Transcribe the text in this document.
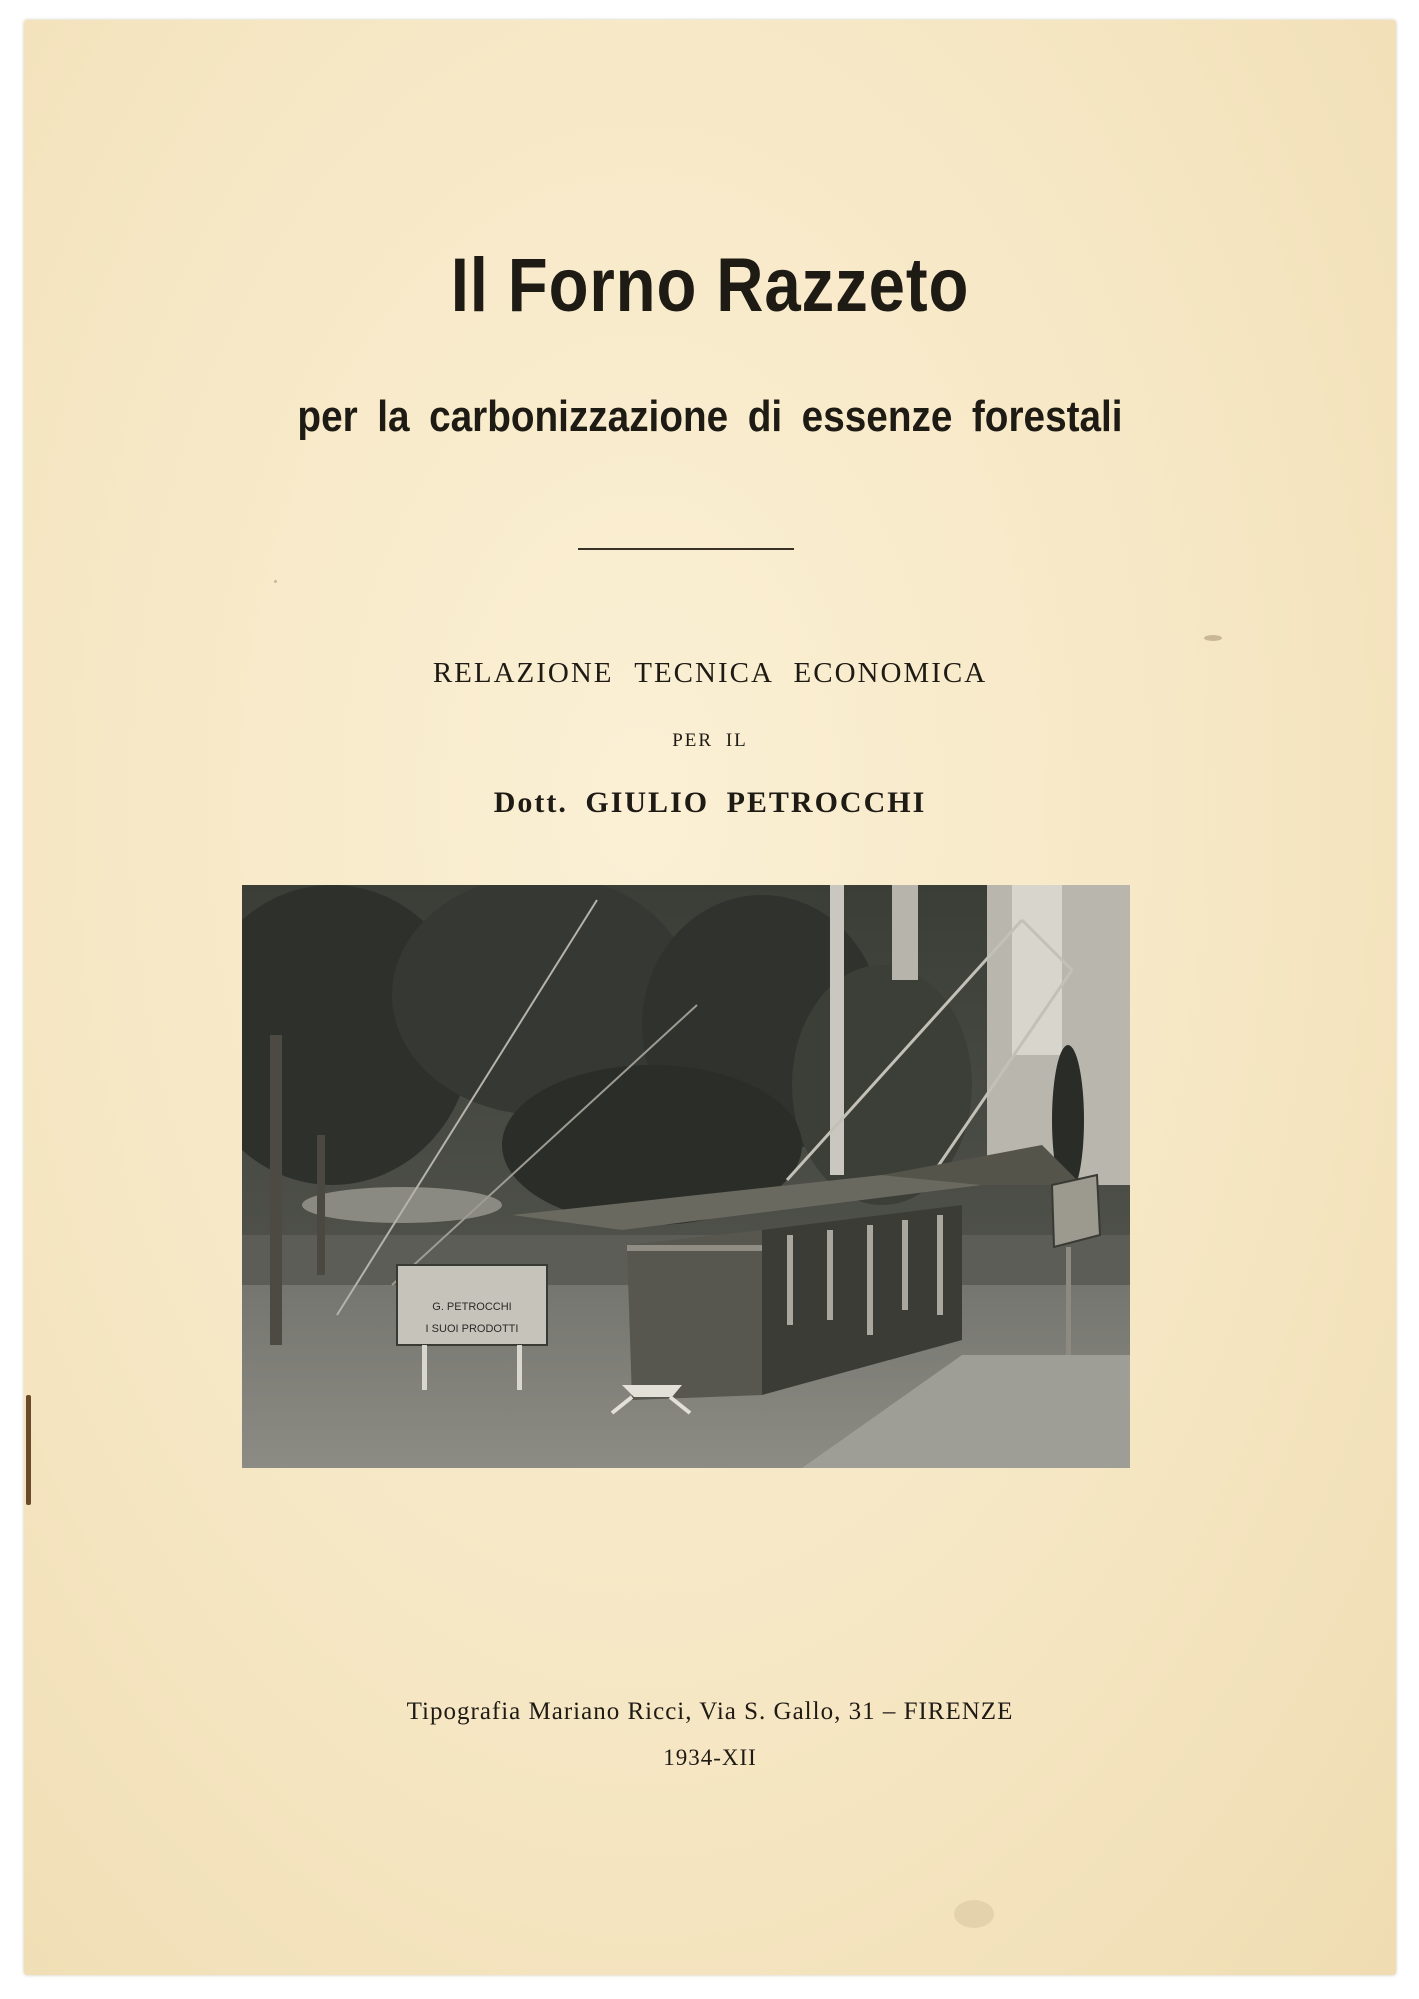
Il Forno Razzeto
per la carbonizzazione di essenze forestali
RELAZIONE TECNICA ECONOMICA
PER IL
Dott. GIULIO PETROCCHI
G. PETROCCHI
I SUOI PRODOTTI
Tipografia Mariano Ricci, Via S. Gallo, 31 – FIRENZE
1934-XII
